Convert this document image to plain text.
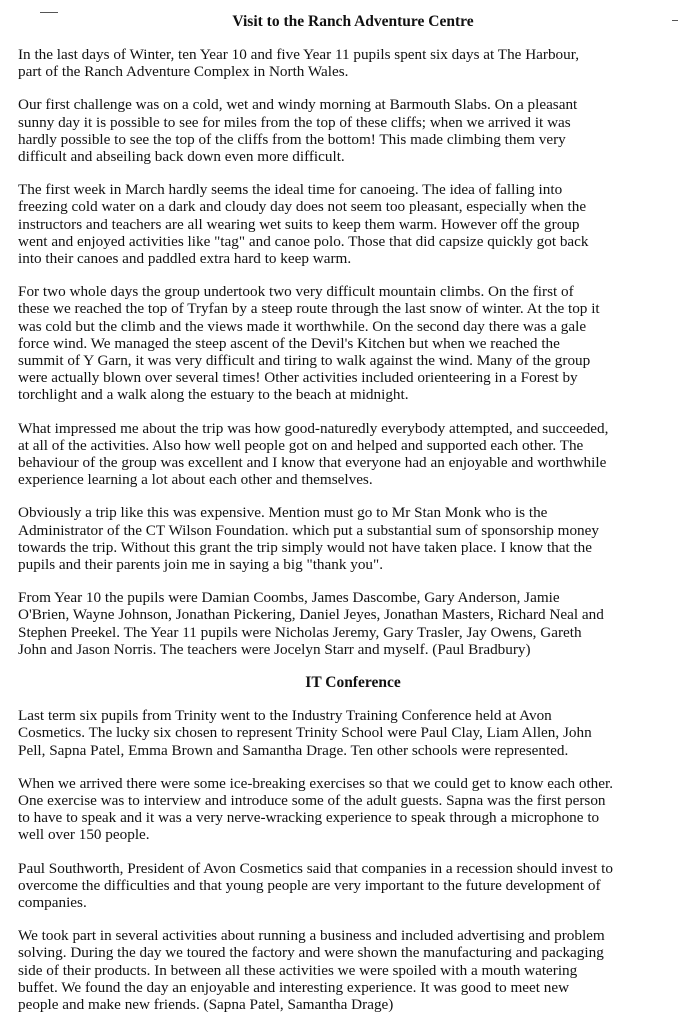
Visit to the Ranch Adventure Centre
In the last days of Winter, ten Year 10 and five Year 11 pupils spent six days at The Harbour,
part of the Ranch Adventure Complex in North Wales.
Our first challenge was on a cold, wet and windy morning at Barmouth Slabs. On a pleasant
sunny day it is possible to see for miles from the top of these cliffs; when we arrived it was
hardly possible to see the top of the cliffs from the bottom! This made climbing them very
difficult and abseiling back down even more difficult.
The first week in March hardly seems the ideal time for canoeing. The idea of falling into
freezing cold water on a dark and cloudy day does not seem too pleasant, especially when the
instructors and teachers are all wearing wet suits to keep them warm. However off the group
went and enjoyed activities like "tag" and canoe polo. Those that did capsize quickly got back
into their canoes and paddled extra hard to keep warm.
For two whole days the group undertook two very difficult mountain climbs. On the first of
these we reached the top of Tryfan by a steep route through the last snow of winter. At the top it
was cold but the climb and the views made it worthwhile. On the second day there was a gale
force wind. We managed the steep ascent of the Devil's Kitchen but when we reached the
summit of Y Garn, it was very difficult and tiring to walk against the wind. Many of the group
were actually blown over several times! Other activities included orienteering in a Forest by
torchlight and a walk along the estuary to the beach at midnight.
What impressed me about the trip was how good-naturedly everybody attempted, and succeeded,
at all of the activities. Also how well people got on and helped and supported each other. The
behaviour of the group was excellent and I know that everyone had an enjoyable and worthwhile
experience learning a lot about each other and themselves.
Obviously a trip like this was expensive. Mention must go to Mr Stan Monk who is the
Administrator of the CT Wilson Foundation. which put a substantial sum of sponsorship money
towards the trip. Without this grant the trip simply would not have taken place. I know that the
pupils and their parents join me in saying a big "thank you".
From Year 10 the pupils were Damian Coombs, James Dascombe, Gary Anderson, Jamie
O'Brien, Wayne Johnson, Jonathan Pickering, Daniel Jeyes, Jonathan Masters, Richard Neal and
Stephen Preekel. The Year 11 pupils were Nicholas Jeremy, Gary Trasler, Jay Owens, Gareth
John and Jason Norris. The teachers were Jocelyn Starr and myself. (Paul Bradbury)
IT Conference
Last term six pupils from Trinity went to the Industry Training Conference held at Avon
Cosmetics. The lucky six chosen to represent Trinity School were Paul Clay, Liam Allen, John
Pell, Sapna Patel, Emma Brown and Samantha Drage. Ten other schools were represented.
When we arrived there were some ice-breaking exercises so that we could get to know each other.
One exercise was to interview and introduce some of the adult guests. Sapna was the first person
to have to speak and it was a very nerve-wracking experience to speak through a microphone to
well over 150 people.
Paul Southworth, President of Avon Cosmetics said that companies in a recession should invest to
overcome the difficulties and that young people are very important to the future development of
companies.
We took part in several activities about running a business and included advertising and problem
solving. During the day we toured the factory and were shown the manufacturing and packaging
side of their products. In between all these activities we were spoiled with a mouth watering
buffet. We found the day an enjoyable and interesting experience. It was good to meet new
people and make new friends. (Sapna Patel, Samantha Drage)
